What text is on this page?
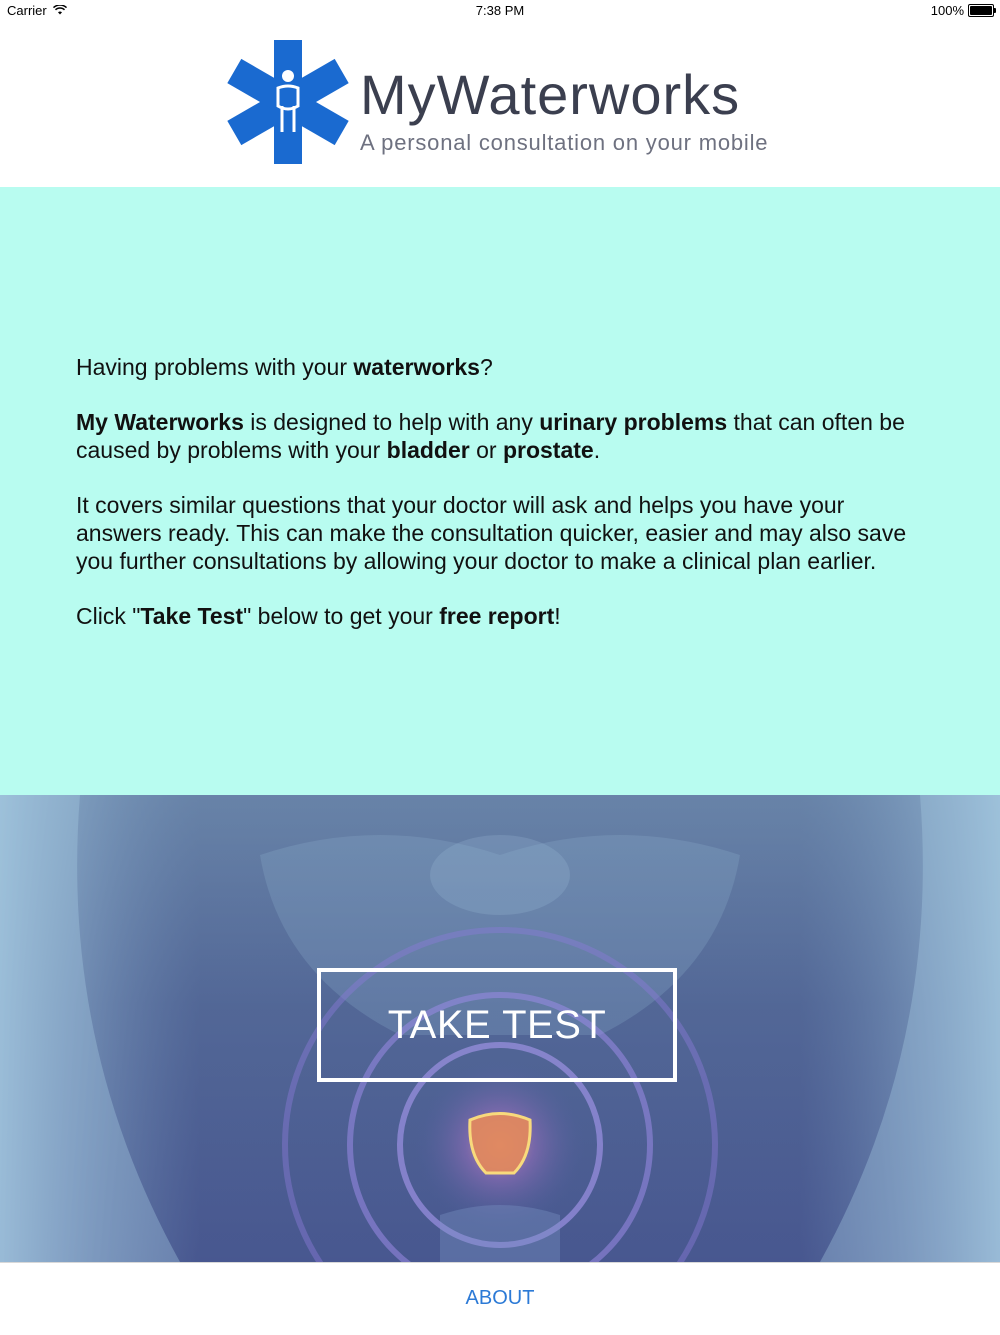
Carrier	7:38 PM	100%
MyWaterworks
A personal consultation on your mobile

Having problems with your waterworks?

My Waterworks is designed to help with any urinary problems that can often be caused by problems with your bladder or prostate.

It covers similar questions that your doctor will ask and helps you have your answers ready. This can make the consultation quicker, easier and may also save you further consultations by allowing your doctor to make a clinical plan earlier.

Click "Take Test" below to get your free report!

TAKE TEST
ABOUT
